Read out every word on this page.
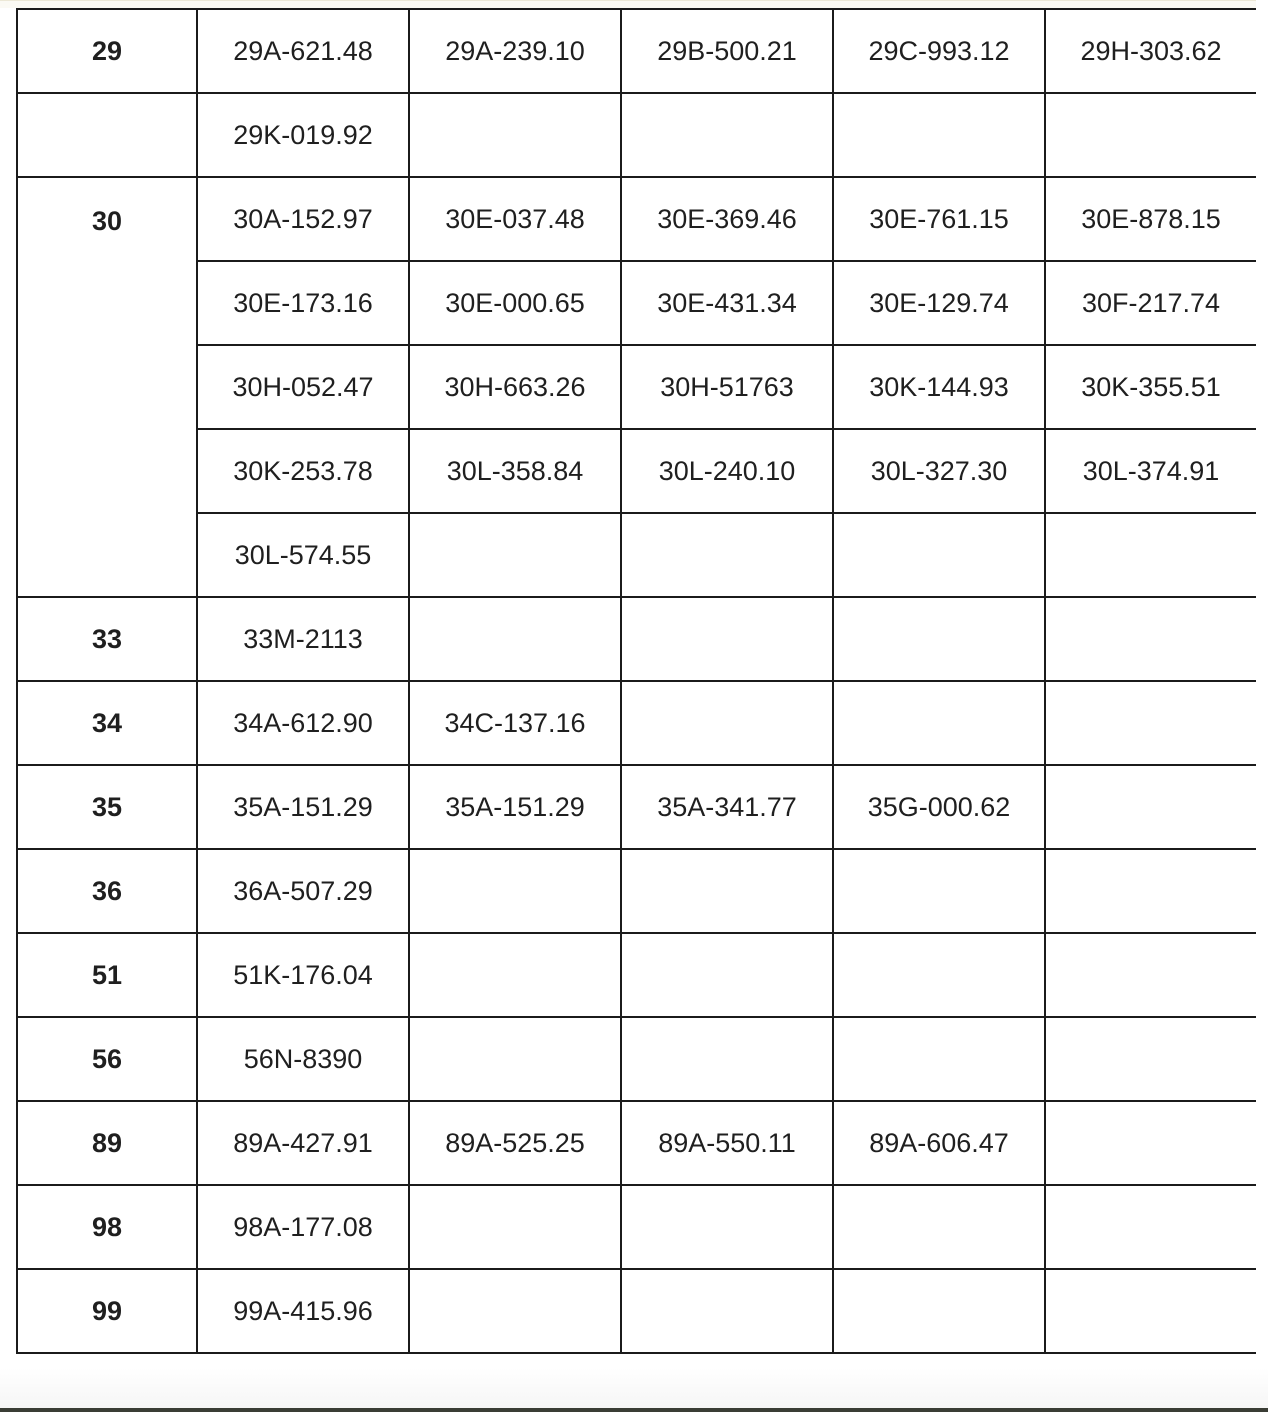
29	29A-621.48	29A-239.10	29B-500.21	29C-993.12	29H-303.62
	29K-019.92				
30	30A-152.97	30E-037.48	30E-369.46	30E-761.15	30E-878.15
	30E-173.16	30E-000.65	30E-431.34	30E-129.74	30F-217.74
	30H-052.47	30H-663.26	30H-51763	30K-144.93	30K-355.51
	30K-253.78	30L-358.84	30L-240.10	30L-327.30	30L-374.91
	30L-574.55				
33	33M-2113				
34	34A-612.90	34C-137.16			
35	35A-151.29	35A-151.29	35A-341.77	35G-000.62	
36	36A-507.29				
51	51K-176.04				
56	56N-8390				
89	89A-427.91	89A-525.25	89A-550.11	89A-606.47	
98	98A-177.08				
99	99A-415.96				
